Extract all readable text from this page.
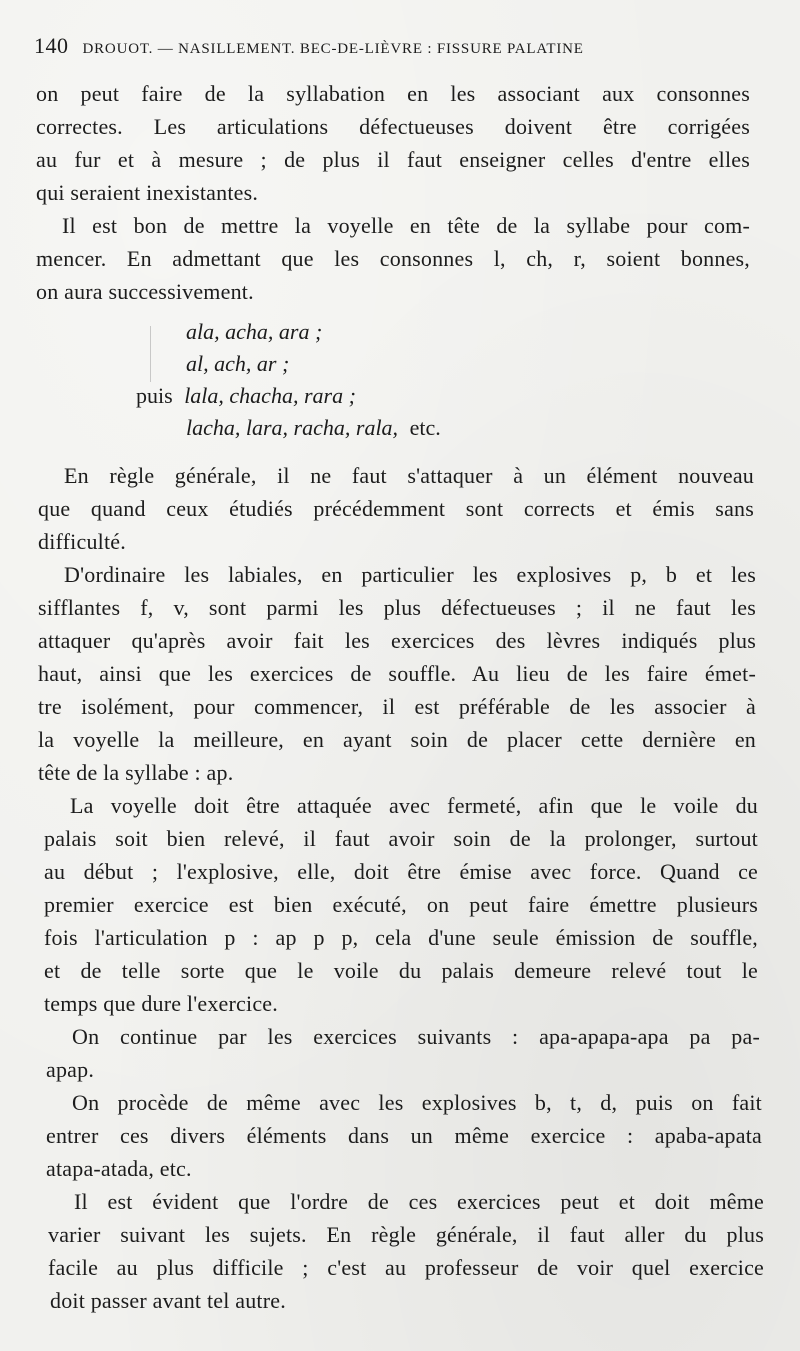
140 DROUOT. — NASILLEMENT. BEC-DE-LIÈVRE : FISSURE PALATINE
on peut faire de la syllabation en les associant aux consonnes
correctes. Les articulations défectueuses doivent être corrigées
au fur et à mesure ; de plus il faut enseigner celles d'entre elles
qui seraient inexistantes.
Il est bon de mettre la voyelle en tête de la syllabe pour com-
mencer. En admettant que les consonnes l, ch, r, soient bonnes,
on aura successivement.
ala, acha, ara ;
al, ach, ar ;
puis lala, chacha, rara ;
lacha, lara, racha, rala, etc.
En règle générale, il ne faut s'attaquer à un élément nouveau
que quand ceux étudiés précédemment sont corrects et émis sans
difficulté.
D'ordinaire les labiales, en particulier les explosives p, b et les
sifflantes f, v, sont parmi les plus défectueuses ; il ne faut les
attaquer qu'après avoir fait les exercices des lèvres indiqués plus
haut, ainsi que les exercices de souffle. Au lieu de les faire émet-
tre isolément, pour commencer, il est préférable de les associer à
la voyelle la meilleure, en ayant soin de placer cette dernière en
tête de la syllabe : ap.
La voyelle doit être attaquée avec fermeté, afin que le voile du
palais soit bien relevé, il faut avoir soin de la prolonger, surtout
au début ; l'explosive, elle, doit être émise avec force. Quand ce
premier exercice est bien exécuté, on peut faire émettre plusieurs
fois l'articulation p : ap p p, cela d'une seule émission de souffle,
et de telle sorte que le voile du palais demeure relevé tout le
temps que dure l'exercice.
On continue par les exercices suivants : apa-apapa-apa pa pa-
apap.
On procède de même avec les explosives b, t, d, puis on fait
entrer ces divers éléments dans un même exercice : apaba-apata
atapa-atada, etc.
Il est évident que l'ordre de ces exercices peut et doit même
varier suivant les sujets. En règle générale, il faut aller du plus
facile au plus difficile ; c'est au professeur de voir quel exercice
doit passer avant tel autre.
